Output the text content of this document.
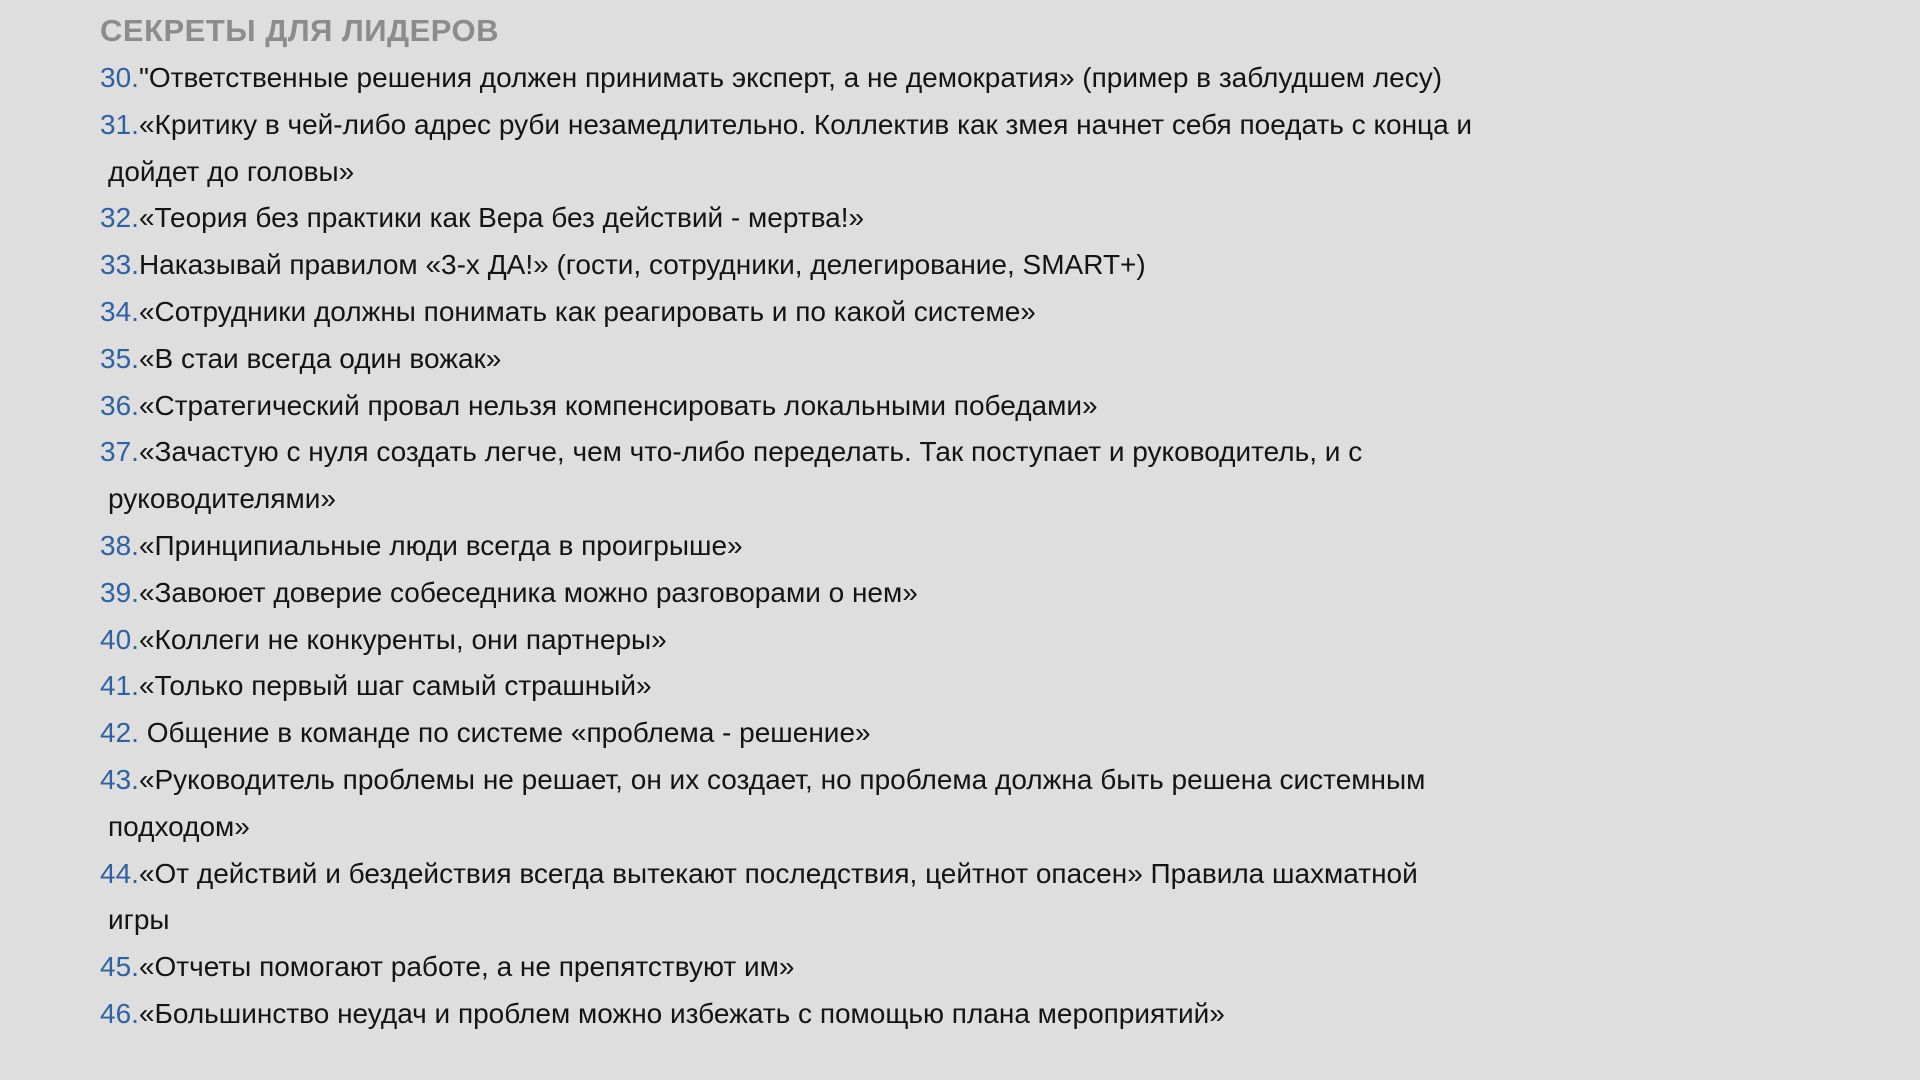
СЕКРЕТЫ ДЛЯ ЛИДЕРОВ
30."Ответственные решения должен принимать эксперт, а не демократия» (пример в заблудшем лесу)
31.«Критику в чей-либо адрес руби незамедлительно. Коллектив как змея начнет себя поедать с конца и
дойдет до головы»
32.«Теория без практики как Вера без действий - мертва!»
33.Наказывай правилом «3-х ДА!» (гости, сотрудники, делегирование, SMART+)
34.«Сотрудники должны понимать как реагировать и по какой системе»
35.«В стаи всегда один вожак»
36.«Стратегический провал нельзя компенсировать локальными победами»
37.«Зачастую с нуля создать легче, чем что-либо переделать. Так поступает и руководитель, и с
руководителями»
38.«Принципиальные люди всегда в проигрыше»
39.«Завоюет доверие собеседника можно разговорами о нем»
40.«Коллеги не конкуренты, они партнеры»
41.«Только первый шаг самый страшный»
42. Общение в команде по системе «проблема - решение»
43.«Руководитель проблемы не решает, он их создает, но проблема должна быть решена системным
подходом»
44.«От действий и бездействия всегда вытекают последствия, цейтнот опасен» Правила шахматной
игры
45.«Отчеты помогают работе, а не препятствуют им»
46.«Большинство неудач и проблем можно избежать с помощью плана мероприятий»
